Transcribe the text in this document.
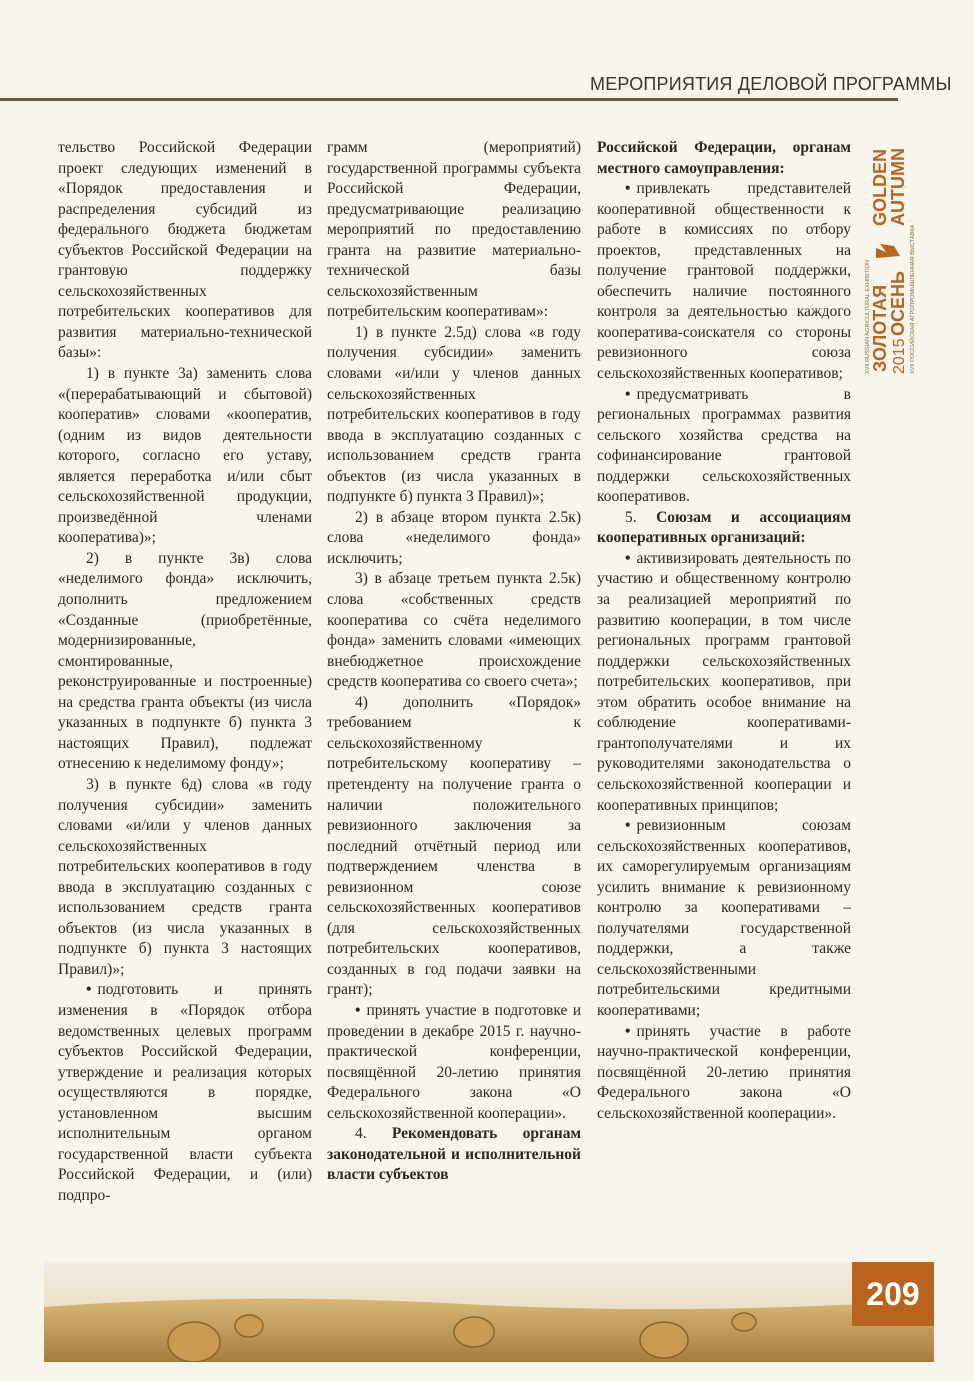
МЕРОПРИЯТИЯ ДЕЛОВОЙ ПРОГРАММЫ
XVII RUSSIAN AGRICULTURAL EXHIBITION ЗОЛОТАЯ
GOLDEN
ОСЕНЬ
AUTUMN
2015 XVII РОССИЙСКАЯ АГРОПРОМЫШЛЕННАЯ ВЫСТАВКА

тельство Российской Федерации проект следующих изменений в «Порядок предоставления и распределения субсидий из федерального бюджета бюджетам субъектов Российской Федерации на грантовую поддержку сельскохозяйственных потребительских кооперативов для развития материально-технической базы»:

1) в пункте 3а) заменить слова «(перерабатывающий и сбытовой) кооператив» словами «кооператив, (одним из видов деятельности которого, согласно его уставу, является переработка и/или сбыт сельскохозяйственной продукции, произведённой членами кооператива)»;

2) в пункте 3в) слова «неделимого фонда» исключить, дополнить предложением «Созданные (приобретённые, модернизированные, смонтированные, реконструированные и построенные) на средства гранта объекты (из числа указанных в подпункте б) пункта 3 настоящих Правил), подлежат отнесению к неделимому фонду»;

3) в пункте 6д) слова «в году получения субсидии» заменить словами «и/или у членов данных сельскохозяйственных потребительских кооперативов в году ввода в эксплуатацию созданных с использованием средств гранта объектов (из числа указанных в подпункте б) пункта 3 настоящих Правил)»;

• подготовить и принять изменения в «Порядок отбора ведомственных целевых программ субъектов Российской Федерации, утверждение и реализация которых осуществляются в порядке, установленном высшим исполнительным органом государственной власти субъекта Российской Федерации, и (или) подпро-

грамм (мероприятий) государственной программы субъекта Российской Федерации, предусматривающие реализацию мероприятий по предоставлению гранта на развитие материально-технической базы сельскохозяйственным потребительским кооперативам»:

1) в пункте 2.5д) слова «в году получения субсидии» заменить словами «и/или у членов данных сельскохозяйственных потребительских кооперативов в году ввода в эксплуатацию созданных с использованием средств гранта объектов (из числа указанных в подпункте б) пункта 3 Правил)»;

2) в абзаце втором пункта 2.5к) слова «неделимого фонда» исключить;

3) в абзаце третьем пункта 2.5к) слова «собственных средств кооператива со счёта неделимого фонда» заменить словами «имеющих внебюджетное происхождение средств кооператива со своего счета»;

4) дополнить «Порядок» требованием к сельскохозяйственному потребительскому кооперативу – претенденту на получение гранта о наличии положительного ревизионного заключения за последний отчётный период или подтверждением членства в ревизионном союзе сельскохозяйственных кооперативов (для сельскохозяйственных потребительских кооперативов, созданных в год подачи заявки на грант);

• принять участие в подготовке и проведении в декабре 2015 г. научно-практической конференции, посвящённой 20-летию принятия Федерального закона «О сельскохозяйственной кооперации».

4. Рекомендовать органам законодательной и исполнительной власти субъектов

Российской Федерации, органам местного самоуправления:

• привлекать представителей кооперативной общественности к работе в комиссиях по отбору проектов, представленных на получение грантовой поддержки, обеспечить наличие постоянного контроля за деятельностью каждого кооператива-соискателя со стороны ревизионного союза сельскохозяйственных кооперативов;

• предусматривать в региональных программах развития сельского хозяйства средства на софинансирование грантовой поддержки сельскохозяйственных кооперативов.

5. Союзам и ассоциациям кооперативных организаций:

• активизировать деятельность по участию и общественному контролю за реализацией мероприятий по развитию кооперации, в том числе региональных программ грантовой поддержки сельскохозяйственных потребительских кооперативов, при этом обратить особое внимание на соблюдение кооперативами-грантополучателями и их руководителями законодательства о сельскохозяйственной кооперации и кооперативных принципов;

• ревизионным союзам сельскохозяйственных кооперативов, их саморегулируемым организациям усилить внимание к ревизионному контролю за кооперативами – получателями государственной поддержки, а также сельскохозяйственными потребительскими кредитными кооперативами;

• принять участие в работе научно-практической конференции, посвящённой 20-летию принятия Федерального закона «О сельскохозяйственной кооперации».

209
